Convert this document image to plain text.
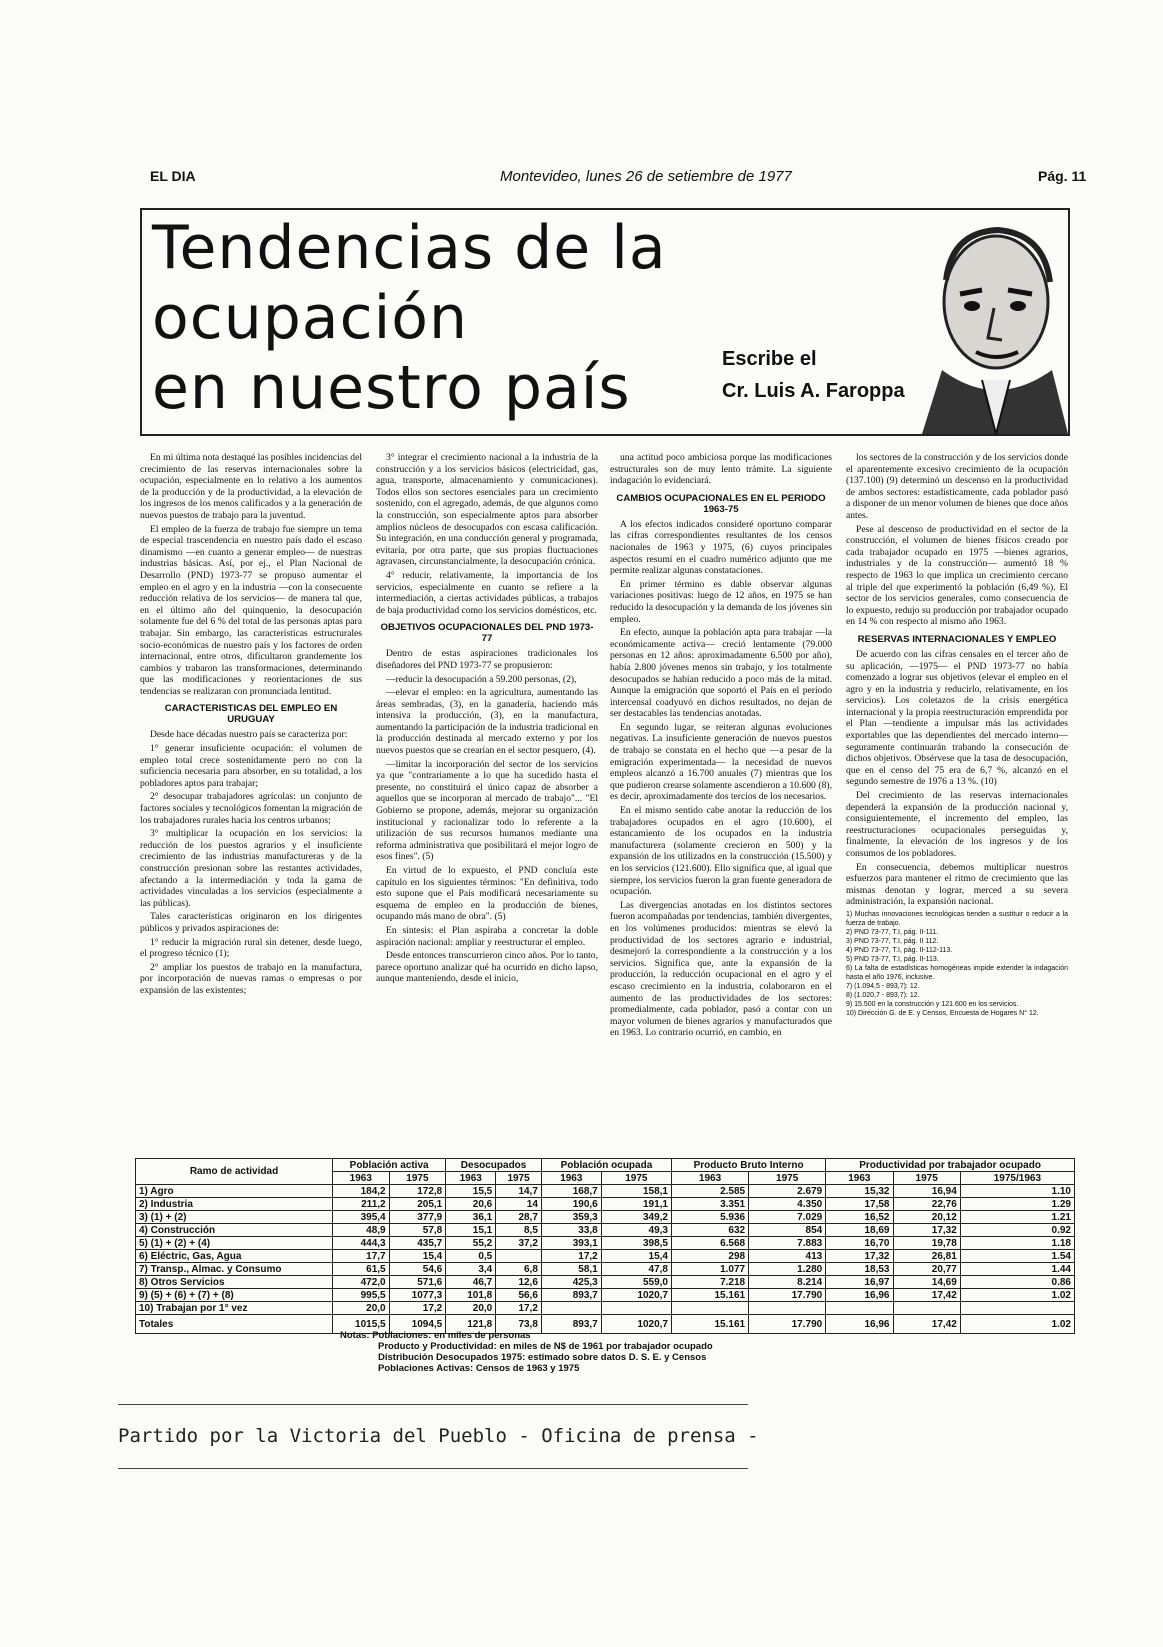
EL DIA	Montevideo, lunes 26 de setiembre de 1977	Pág. 11
Tendencias de la
ocupación
en nuestro país	Escribe el
Cr. Luis A. Faroppa

En mi última nota destaqué las posibles incidencias del crecimiento de las reservas internacionales sobre la ocupación, especialmente en lo relativo a los aumentos de la producción y de la productividad, a la elevación de los ingresos de los menos calificados y a la generación de nuevos puestos de trabajo para la juventud.

El empleo de la fuerza de trabajo fue siempre un tema de especial trascendencia en nuestro país dado el escaso dinamismo —en cuanto a generar empleo— de nuestras industrias básicas. Así, por ej., el Plan Nacional de Desarrollo (PND) 1973-77 se propuso aumentar el empleo en el agro y en la industria —con la consecuente reducción relativa de los servicios— de manera tal que, en el último año del quinquenio, la desocupación solamente fue del 6 % del total de las personas aptas para trabajar. Sin embargo, las características estructurales socio-económicas de nuestro país y los factores de orden internacional, entre otros, dificultaron grandemente los cambios y trabaron las transformaciones, determinando que las modificaciones y reorientaciones de sus tendencias se realizaran con pronunciada lentitud.

CARACTERISTICAS DEL EMPLEO EN URUGUAY

Desde hace décadas nuestro país se caracteriza por:

1° generar insuficiente ocupación: el volumen de empleo total crece sostenidamente pero no con la suficiencia necesaria para absorber, en su totalidad, a los pobladores aptos para trabajar;

2° desocupar trabajadores agrícolas: un conjunto de factores sociales y tecnológicos fomentan la migración de los trabajadores rurales hacia los centros urbanos;

3° multiplicar la ocupación en los servicios: la reducción de los puestos agrarios y el insuficiente crecimiento de las industrias manufactureras y de la construcción presionan sobre las restantes actividades, afectando a la intermediación y toda la gama de actividades vinculadas a los servicios (especialmente a las públicas).

Tales características originaron en los dirigentes públicos y privados aspiraciones de:

1° reducir la migración rural sin detener, desde luego, el progreso técnico (1);

2° ampliar los puestos de trabajo en la manufactura, por incorporación de nuevas ramas o empresas o por expansión de las existentes;

3° integrar el crecimiento nacional a la industria de la construcción y a los servicios básicos (electricidad, gas, agua, transporte, almacenamiento y comunicaciones). Todos ellos son sectores esenciales para un crecimiento sostenido, con el agregado, además, de que algunos como la construcción, son especialmente aptos para absorber amplios núcleos de desocupados con escasa calificación. Su integración, en una conducción general y programada, evitaría, por otra parte, que sus propias fluctuaciones agravasen, circunstancialmente, la desocupación crónica.

4° reducir, relativamente, la importancia de los servicios, especialmente en cuanto se refiere a la intermediación, a ciertas actividades públicas, a trabajos de baja productividad como los servicios domésticos, etc.

OBJETIVOS OCUPACIONALES DEL PND 1973-77

Dentro de estas aspiraciones tradicionales los diseñadores del PND 1973-77 se propusieron:

—reducir la desocupación a 59.200 personas, (2),

—elevar el empleo: en la agricultura, aumentando las áreas sembradas, (3), en la ganadería, haciendo más intensiva la producción, (3), en la manufactura, aumentando la participación de la industria tradicional en la producción destinada al mercado externo y por los nuevos puestos que se crearían en el sector pesquero, (4).

—limitar la incorporación del sector de los servicios ya que "contrariamente a lo que ha sucedido hasta el presente, no constituirá el único capaz de absorber a aquellos que se incorporan al mercado de trabajo"... "El Gobierno se propone, además, mejorar su organización institucional y racionalizar todo lo referente a la utilización de sus recursos humanos mediante una reforma administrativa que posibilitará el mejor logro de esos fines". (5)

En virtud de lo expuesto, el PND concluía este capítulo en los siguientes términos: "En definitiva, todo esto supone que el País modificará necesariamente su esquema de empleo en la producción de bienes, ocupando más mano de obra". (5)

En síntesis: el Plan aspiraba a concretar la doble aspiración nacional: ampliar y reestructurar el empleo.

Desde entonces transcurrieron cinco años. Por lo tanto, parece oportuno analizar qué ha ocurrido en dicho lapso, aunque manteniendo, desde el inicio,

una actitud poco ambiciosa porque las modificaciones estructurales son de muy lento trámite. La siguiente indagación lo evidenciará.

CAMBIOS OCUPACIONALES EN EL PERIODO 1963-75

A los efectos indicados consideré oportuno comparar las cifras correspondientes resultantes de los censos nacionales de 1963 y 1975, (6) cuyos principales aspectos resumí en el cuadro numérico adjunto que me permite realizar algunas constataciones.

En primer término es dable observar algunas variaciones positivas: luego de 12 años, en 1975 se han reducido la desocupación y la demanda de los jóvenes sin empleo.

En efecto, aunque la población apta para trabajar —la económicamente activa— creció lentamente (79.000 personas en 12 años: aproximadamente 6.500 por año), había 2.800 jóvenes menos sin trabajo, y los totalmente desocupados se habían reducido a poco más de la mitad. Aunque la emigración que soportó el País en el período intercensal coadyuvó en dichos resultados, no dejan de ser destacables las tendencias anotadas.

En segundo lugar, se reiteran algunas evoluciones negativas. La insuficiente generación de nuevos puestos de trabajo se constata en el hecho que —a pesar de la emigración experimentada— la necesidad de nuevos empleos alcanzó a 16.700 anuales (7) mientras que los que pudieron crearse solamente ascendieron a 10.600 (8), es decir, aproximadamente dos tercios de los necesarios.

En el mismo sentido cabe anotar la reducción de los trabajadores ocupados en el agro (10.600), el estancamiento de los ocupados en la industria manufacturera (solamente crecieron en 500) y la expansión de los utilizados en la construcción (15.500) y en los servicios (121.600). Ello significa que, al igual que siempre, los servicios fueron la gran fuente generadora de ocupación.

Las divergencias anotadas en los distintos sectores fueron acompañadas por tendencias, también divergentes, en los volúmenes producidos: mientras se elevó la productividad de los sectores agrario e industrial, desmejoró la correspondiente a la construcción y a los servicios. Significa que, ante la expansión de la producción, la reducción ocupacional en el agro y el escaso crecimiento en la industria, colaboraron en el aumento de las productividades de los sectores: promedialmente, cada poblador, pasó a contar con un mayor volumen de bienes agrarios y manufacturados que en 1963. Lo contrario ocurrió, en cambio, en

los sectores de la construcción y de los servicios donde el aparentemente excesivo crecimiento de la ocupación (137.100) (9) determinó un descenso en la productividad de ambos sectores: estadísticamente, cada poblador pasó a disponer de un menor volumen de bienes que doce años antes.

Pese al descenso de productividad en el sector de la construcción, el volumen de bienes físicos creado por cada trabajador ocupado en 1975 —bienes agrarios, industriales y de la construcción— aumentó 18 % respecto de 1963 lo que implica un crecimiento cercano al triple del que experimentó la población (6,49 %). El sector de los servicios generales, como consecuencia de lo expuesto, redujo su producción por trabajador ocupado en 14 % con respecto al mismo año 1963.

RESERVAS INTERNACIONALES Y EMPLEO

De acuerdo con las cifras censales en el tercer año de su aplicación, —1975— el PND 1973-77 no había comenzado a lograr sus objetivos (elevar el empleo en el agro y en la industria y reducirlo, relativamente, en los servicios). Los coletazos de la crisis energética internacional y la propia reestructuración emprendida por el Plan —tendiente a impulsar más las actividades exportables que las dependientes del mercado interno— seguramente continuarán trabando la consecución de dichos objetivos. Obsérvese que la tasa de desocupación, que en el censo del 75 era de 6,7 %, alcanzó en el segundo semestre de 1976 a 13 %. (10)

Del crecimiento de las reservas internacionales dependerá la expansión de la producción nacional y, consiguientemente, el incremento del empleo, las reestructuraciones ocupacionales perseguidas y, finalmente, la elevación de los ingresos y de los consumos de los pobladores.

En consecuencia, debemos multiplicar nuestros esfuerzos para mantener el ritmo de crecimiento que las mismas denotan y lograr, merced a su severa administración, la expansión nacional.

1) Muchas innovaciones tecnológicas tienden a sustituir o reducir a la fuerza de trabajo.

2) PND 73-77, T.I, pág. II-111.

3) PND 73-77, T.I, pág. II 112.

4) PND 73-77, T.I, pág. II-112-113.

5) PND 73-77, T.I, pág. II-113.

6) La falta de estadísticas homogéneas impide extender la indagación hasta el año 1976, inclusive.

7) (1.094,5 - 893,7): 12.

8) (1.020,7 - 893,7): 12.

9) 15.500 en la construcción y 121.600 en los servicios.

10) Dirección G. de E. y Censos, Encuesta de Hogares N° 12.

Ramo de actividad	Población activa		Desocupados		Población ocupada		Producto Bruto Interno		Productividad por trabajador ocupado		
	1963	1975	1963	1975	1963	1975	1963	1975	1963	1975	1975/1963
1) Agro	184,2	172,8	15,5	14,7	168,7	158,1	2.585	2.679	15,32	16,94	1.10
2) Industria	211,2	205,1	20,6	14	190,6	191,1	3.351	4.350	17,58	22,76	1.29
3) (1) + (2)	395,4	377,9	36,1	28,7	359,3	349,2	5.936	7.029	16,52	20,12	1.21
4) Construcción	48,9	57,8	15,1	8,5	33,8	49,3	632	854	18,69	17,32	0.92
5) (1) + (2) + (4)	444,3	435,7	55,2	37,2	393,1	398,5	6.568	7.883	16,70	19,78	1.18
6) Eléctric, Gas, Agua	17,7	15,4	0,5		17,2	15,4	298	413	17,32	26,81	1.54
7) Transp., Almac. y Consumo	61,5	54,6	3,4	6,8	58,1	47,8	1.077	1.280	18,53	20,77	1.44
8) Otros Servicios	472,0	571,6	46,7	12,6	425,3	559,0	7.218	8.214	16,97	14,69	0.86
9) (5) + (6) + (7) + (8)	995,5	1077,3	101,8	56,6	893,7	1020,7	15.161	17.790	16,96	17,42	1.02
10) Trabajan por 1° vez	20,0	17,2	20,0	17,2							
Totales	1015,5	1094,5	121,8	73,8	893,7	1020,7	15.161	17.790	16,96	17,42	1.02
Notas: Poblaciones: en miles de personas
Producto y Productividad: en miles de N$ de 1961 por trabajador ocupado
Distribución Desocupados 1975: estimado sobre datos D. S. E. y Censos
Poblaciones Activas: Censos de 1963 y 1975
Partido por la Victoria del Pueblo - Oficina de prensa -
